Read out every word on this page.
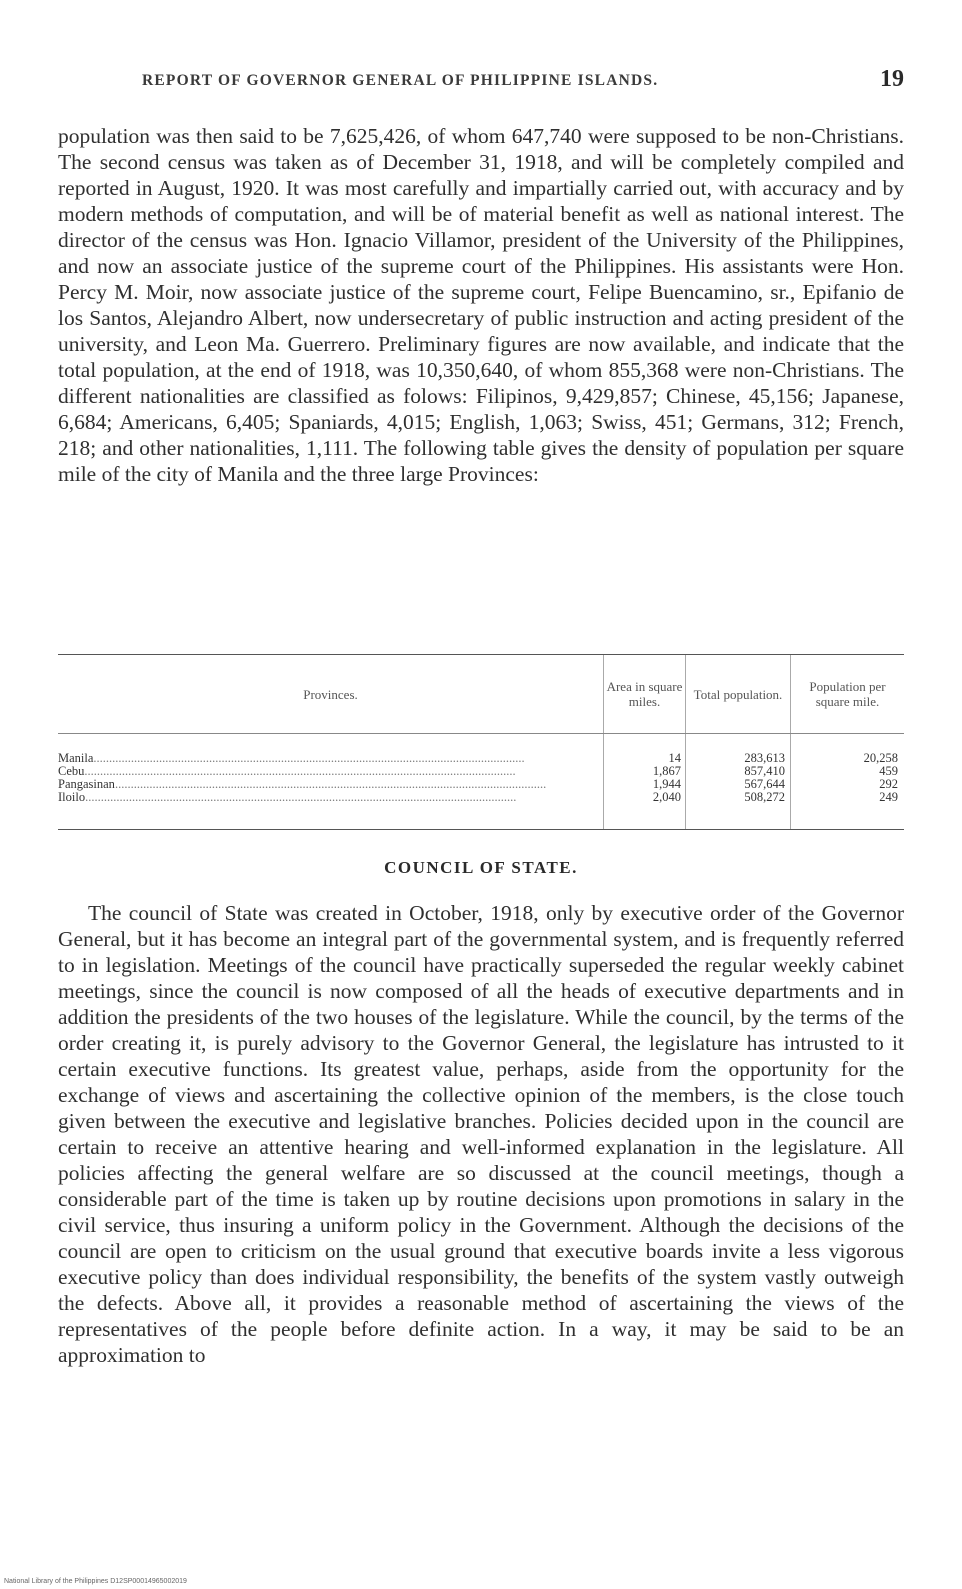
REPORT OF GOVERNOR GENERAL OF PHILIPPINE ISLANDS.	19

population was then said to be 7,625,426, of whom 647,740 were supposed to be non-Christians. The second census was taken as of December 31, 1918, and will be completely compiled and reported in August, 1920. It was most carefully and impartially carried out, with accuracy and by modern methods of computation, and will be of material benefit as well as national interest. The director of the census was Hon. Ignacio Villamor, president of the University of the Philippines, and now an associate justice of the supreme court of the Philippines. His assistants were Hon. Percy M. Moir, now associate justice of the supreme court, Felipe Buencamino, sr., Epifanio de los Santos, Alejandro Albert, now undersecretary of public instruction and acting president of the university, and Leon Ma. Guerrero. Preliminary figures are now available, and indicate that the total population, at the end of 1918, was 10,350,640, of whom 855,368 were non-Christians. The different nationalities are classified as folows: Filipinos, 9,429,857; Chinese, 45,156; Japanese, 6,684; Americans, 6,405; Spaniards, 4,015; English, 1,063; Swiss, 451; Germans, 312; French, 218; and other nationalities, 1,111. The following table gives the density of population per square mile of the city of Manila and the three large Provinces:

Provinces.	Area in square miles.	Total population.	Population per square mile.
Manila..........................................................................................................................................	14	283,613	20,258
Cebu..........................................................................................................................................	1,867	857,410	459
Pangasinan..........................................................................................................................................	1,944	567,644	292
Iloilo..........................................................................................................................................	2,040	508,272	249
COUNCIL OF STATE.

The council of State was created in October, 1918, only by executive order of the Governor General, but it has become an integral part of the governmental system, and is frequently referred to in legislation. Meetings of the council have practically superseded the regular weekly cabinet meetings, since the council is now composed of all the heads of executive departments and in addition the presidents of the two houses of the legislature. While the council, by the terms of the order creating it, is purely advisory to the Governor General, the legislature has intrusted to it certain executive functions. Its greatest value, perhaps, aside from the opportunity for the exchange of views and ascertaining the collective opinion of the members, is the close touch given between the executive and legislative branches. Policies decided upon in the council are certain to receive an attentive hearing and well-informed explanation in the legislature. All policies affecting the general welfare are so discussed at the council meetings, though a considerable part of the time is taken up by routine decisions upon promotions in salary in the civil service, thus insuring a uniform policy in the Government. Although the decisions of the council are open to criticism on the usual ground that executive boards invite a less vigorous executive policy than does individual responsibility, the benefits of the system vastly outweigh the defects. Above all, it provides a reasonable method of ascertaining the views of the representatives of the people before definite action. In a way, it may be said to be an approximation to

National Library of the Philippines D12SP00014965002019
